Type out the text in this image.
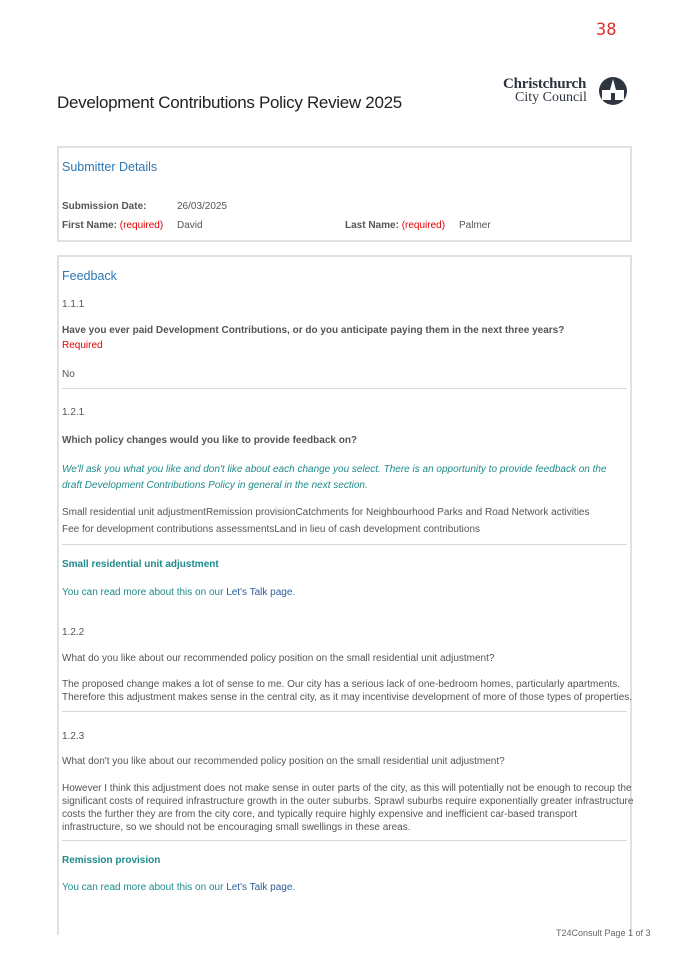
38
Christchurch
City Council
Development Contributions Policy Review 2025
Submitter Details
Submission Date:	26/03/2025
First Name: (required) David	Last Name: (required) Palmer
Feedback
1.1.1
Have you ever paid Development Contributions, or do you anticipate paying them in the next three years?
Required
No
1.2.1
Which policy changes would you like to provide feedback on?
We'll ask you what you like and don't like about each change you select. There is an opportunity to provide feedback on the draft Development Contributions Policy in general in the next section.
Small residential unit adjustmentRemission provisionCatchments for Neighbourhood Parks and Road Network activities
Fee for development contributions assessmentsLand in lieu of cash development contributions
Small residential unit adjustment
You can read more about this on our Let's Talk page.
1.2.2
What do you like about our recommended policy position on the small residential unit adjustment?
The proposed change makes a lot of sense to me. Our city has a serious lack of one-bedroom homes, particularly apartments.
Therefore this adjustment makes sense in the central city, as it may incentivise development of more of those types of properties.
1.2.3
What don't you like about our recommended policy position on the small residential unit adjustment?
However I think this adjustment does not make sense in outer parts of the city, as this will potentially not be enough to recoup the
significant costs of required infrastructure growth in the outer suburbs. Sprawl suburbs require exponentially greater infrastructure
costs the further they are from the city core, and typically require highly expensive and inefficient car-based transport
infrastructure, so we should not be encouraging small swellings in these areas.
Remission provision
You can read more about this on our Let's Talk page.
T24Consult Page 1 of 3
